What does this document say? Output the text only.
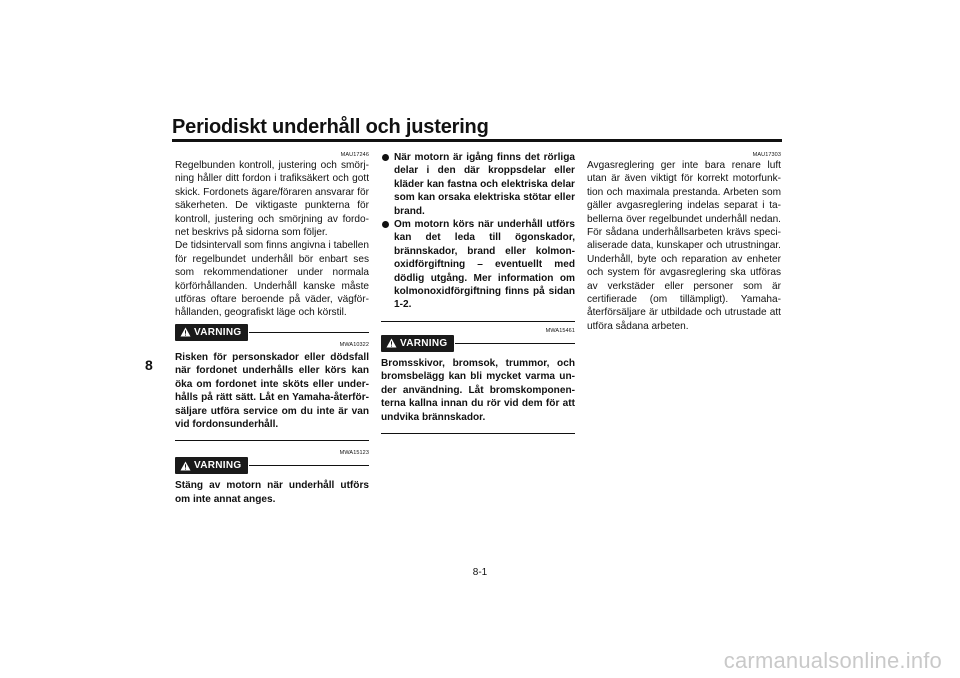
Periodiskt underhåll och justering
8

MAU17246

Regelbunden kontroll, justering och smörjning håller ditt fordon i trafiksäkert och gott skick. Fordonets ägare/föraren ansvarar för säkerheten. De viktigaste punkterna för kontroll, justering och smörjning av fordonet beskrivs på sidorna som följer.

De tidsintervall som finns angivna i tabellen för regelbundet underhåll bör enbart ses som rekommendationer under normala körförhållanden. Underhåll kanske måste utföras oftare beroende på väder, vägförhållanden, geografiskt läge och körstil.

VARNING

MWA10322

Risken för personskador eller dödsfall när fordonet underhålls eller körs kan öka om fordonet inte sköts eller underhålls på rätt sätt. Låt en Yamaha-återförsäljare utföra service om du inte är van vid fordonsunderhåll.

MWA15123

VARNING

Stäng av motorn när underhåll utförs om inte annat anges.

När motorn är igång finns det rörliga delar i den där kroppsdelar eller kläder kan fastna och elektriska delar som kan orsaka elektriska stötar eller brand.
Om motorn körs när underhåll utförs kan det leda till ögonskador, brännskador, brand eller kolmonoxidförgiftning – eventuellt med dödlig utgång. Mer information om kolmonoxidförgiftning finns på sidan 1-2.

MWA15461

VARNING

Bromsskivor, bromsok, trummor, och bromsbelägg kan bli mycket varma under användning. Låt bromskomponenterna kallna innan du rör vid dem för att undvika brännskador.

MAU17303

Avgasreglering ger inte bara renare luft utan är även viktigt för korrekt motorfunktion och maximala prestanda. Arbeten som gäller avgasreglering indelas separat i tabellerna över regelbundet underhåll nedan. För sådana underhållsarbeten krävs specialiserade data, kunskaper och utrustningar. Underhåll, byte och reparation av enheter och system för avgasreglering ska utföras av verkstäder eller personer som är certifierade (om tillämpligt). Yamaha-återförsäljare är utbildade och utrustade att utföra sådana arbeten.

8-1
carmanualsonline.info
